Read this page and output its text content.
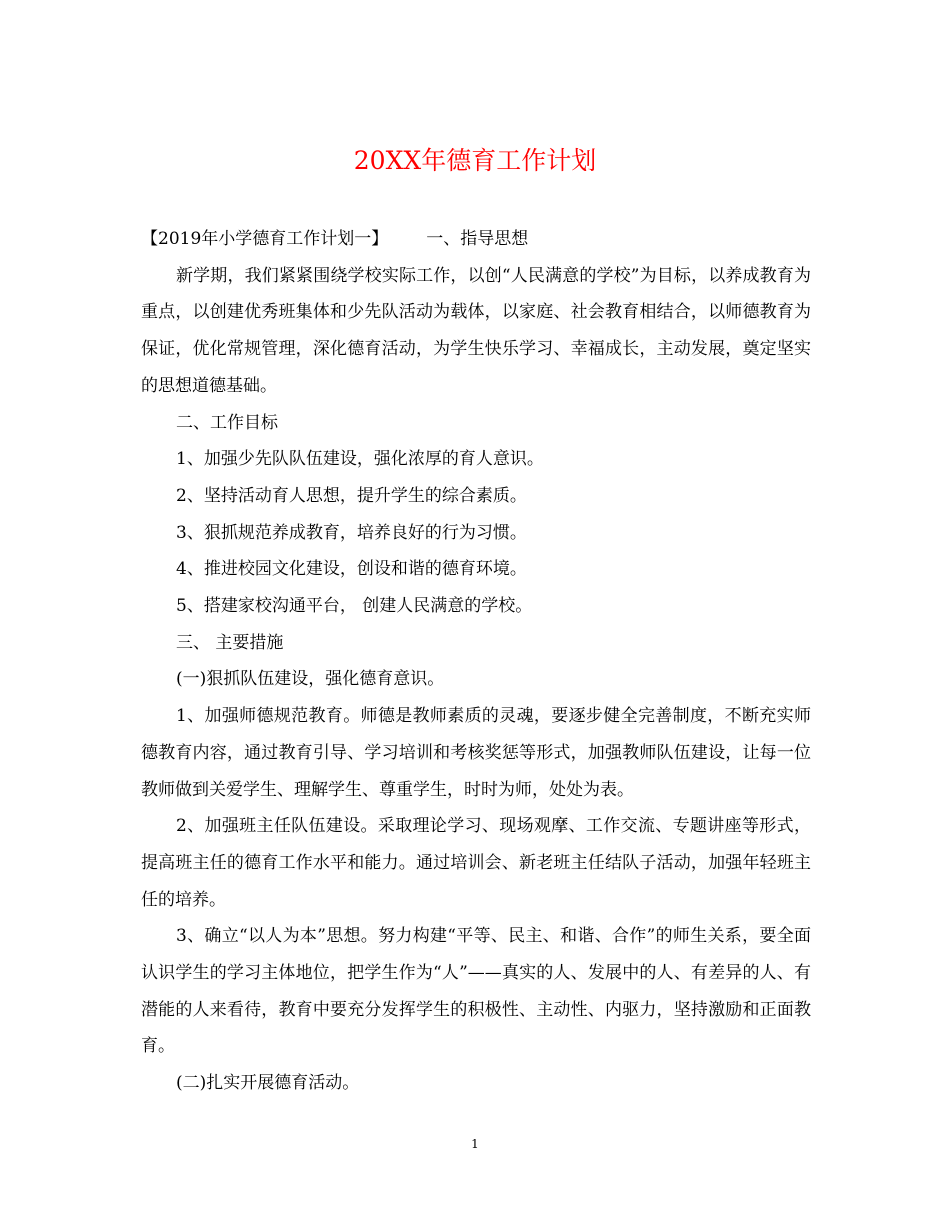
20XX年德育工作计划

【2019年小学德育工作计划一】 一、指导思想

新学期，我们紧紧围绕学校实际工作，以创“人民满意的学校”为目标，以养成教育为重点，以创建优秀班集体和少先队活动为载体，以家庭、社会教育相结合，以师德教育为保证，优化常规管理，深化德育活动，为学生快乐学习、幸福成长，主动发展，奠定坚实的思想道德基础。

二、工作目标

1、加强少先队队伍建设，强化浓厚的育人意识。

2、坚持活动育人思想，提升学生的综合素质。

3、狠抓规范养成教育，培养良好的行为习惯。

4、推进校园文化建设，创设和谐的德育环境。

5、搭建家校沟通平台， 创建人民满意的学校。

三、 主要措施

(一)狠抓队伍建设，强化德育意识。

1、加强师德规范教育。师德是教师素质的灵魂，要逐步健全完善制度，不断充实师德教育内容，通过教育引导、学习培训和考核奖惩等形式，加强教师队伍建设，让每一位教师做到关爱学生、理解学生、尊重学生，时时为师，处处为表。

2、加强班主任队伍建设。采取理论学习、现场观摩、工作交流、专题讲座等形式，提高班主任的德育工作水平和能力。通过培训会、新老班主任结队子活动，加强年轻班主任的培养。

3、确立“以人为本”思想。努力构建“平等、民主、和谐、合作”的师生关系，要全面认识学生的学习主体地位，把学生作为“人”——真实的人、发展中的人、有差异的人、有潜能的人来看待，教育中要充分发挥学生的积极性、主动性、内驱力，坚持激励和正面教育。

(二)扎实开展德育活动。

1
